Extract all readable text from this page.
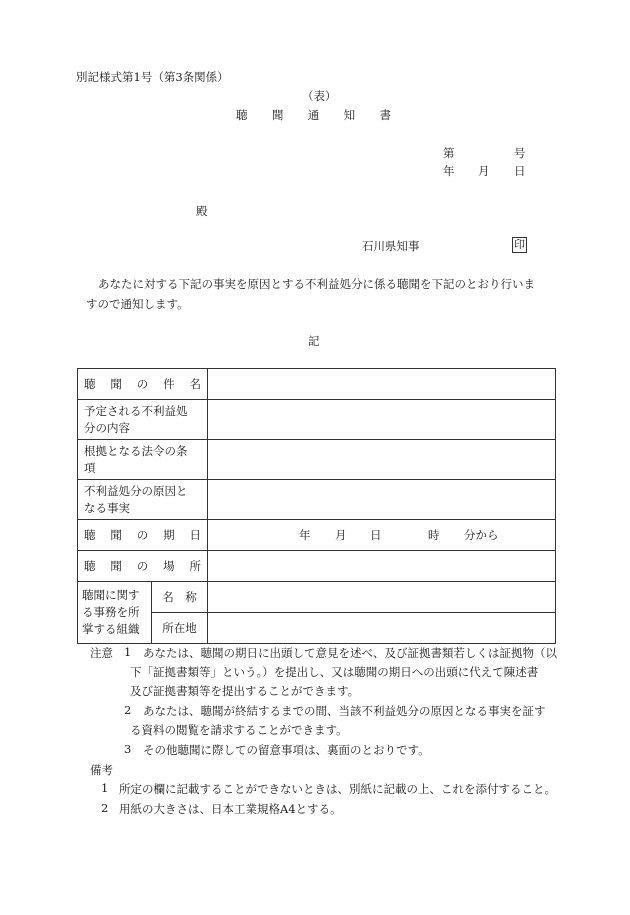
別記様式第1号（第3条関係）
（表）
聴 聞 通 知 書
第	号
年 月 日
殿
石川県知事	印
あなたに対する下記の事実を原因とする不利益処分に係る聴聞を下記のとおり行いま
すので通知します。
記
聴 聞 の 件 名		

予定される不利益処
分の内容		

根拠となる法令の条
項		

不利益処分の原因と
なる事実		

聴 聞 の 期 日		年 月 日 時 分から

聴 聞 の 場 所		

聴聞に関す
る事務を所
掌する組織	名　称	
	所在地	
注意 1 あなたは、聴聞の期日に出頭して意見を述べ、及び証拠書類若しくは証拠物（以
下「証拠書類等」という。）を提出し、又は聴聞の期日への出頭に代えて陳述書
及び証拠書類等を提出することができます。
2 あなたは、聴聞が終結するまでの間、当該不利益処分の原因となる事実を証す
る資料の閲覧を請求することができます。
3 その他聴聞に際しての留意事項は、裏面のとおりです。
備考
1 所定の欄に記載することができないときは、別紙に記載の上、これを添付すること。
2 用紙の大きさは、日本工業規格A4とする。
